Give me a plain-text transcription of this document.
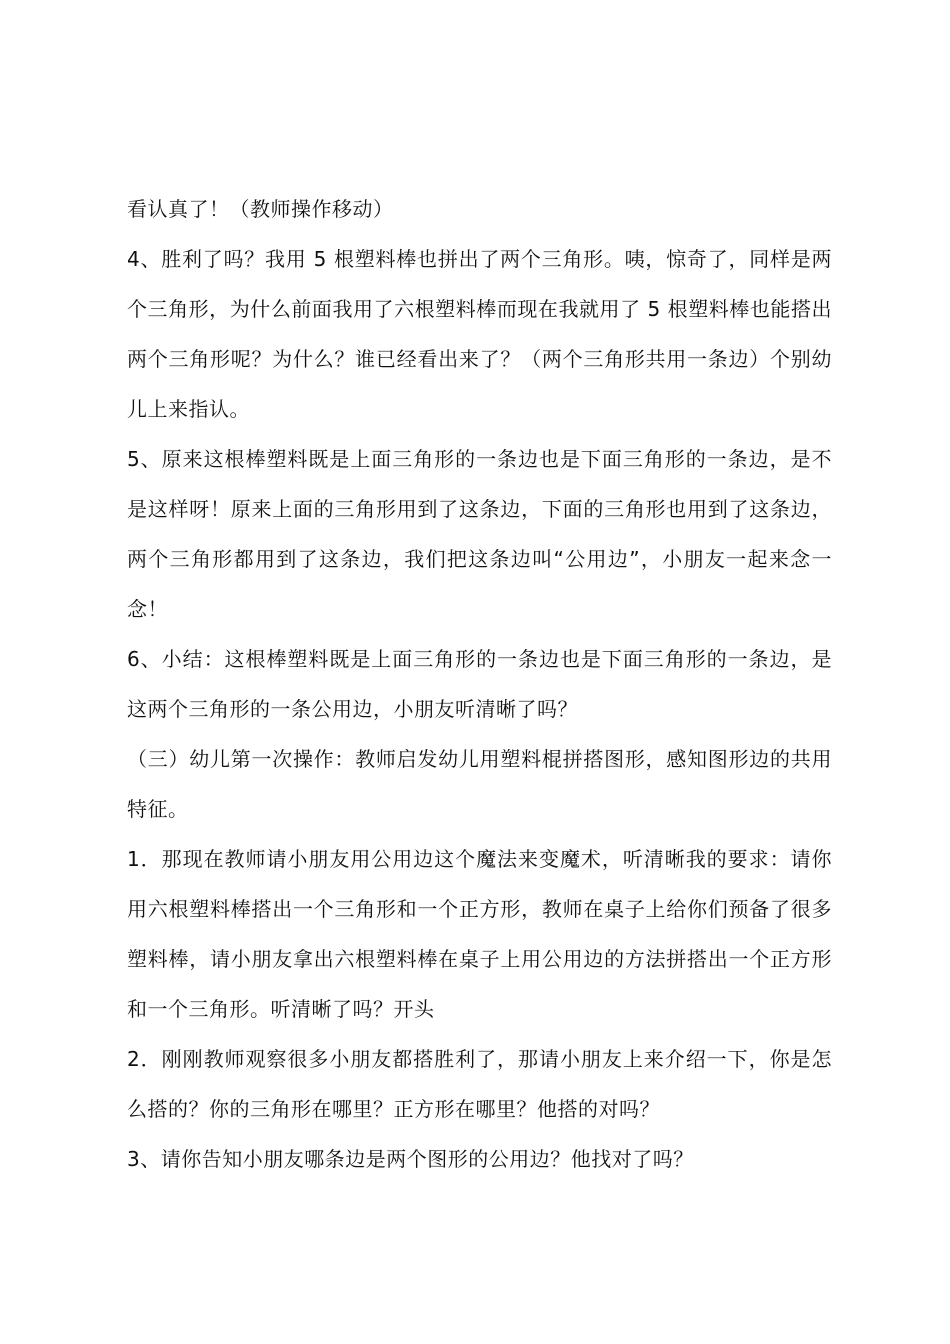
看认真了！（教师操作移动）

4、胜利了吗？我用 5 根塑料棒也拼出了两个三角形。咦，惊奇了，同样是两个三角形，为什么前面我用了六根塑料棒而现在我就用了 5 根塑料棒也能搭出两个三角形呢？为什么？谁已经看出来了？（两个三角形共用一条边）个别幼儿上来指认。

5、原来这根棒塑料既是上面三角形的一条边也是下面三角形的一条边，是不是这样呀！原来上面的三角形用到了这条边，下面的三角形也用到了这条边，两个三角形都用到了这条边，我们把这条边叫“公用边”，小朋友一起来念一念！

6、小结：这根棒塑料既是上面三角形的一条边也是下面三角形的一条边，是这两个三角形的一条公用边，小朋友听清晰了吗？

（三）幼儿第一次操作：教师启发幼儿用塑料棍拼搭图形，感知图形边的共用特征。

1．那现在教师请小朋友用公用边这个魔法来变魔术，听清晰我的要求：请你用六根塑料棒搭出一个三角形和一个正方形，教师在桌子上给你们预备了很多塑料棒，请小朋友拿出六根塑料棒在桌子上用公用边的方法拼搭出一个正方形和一个三角形。听清晰了吗？开头

2．刚刚教师观察很多小朋友都搭胜利了，那请小朋友上来介绍一下，你是怎么搭的？你的三角形在哪里？正方形在哪里？他搭的对吗？

3、请你告知小朋友哪条边是两个图形的公用边？他找对了吗？
